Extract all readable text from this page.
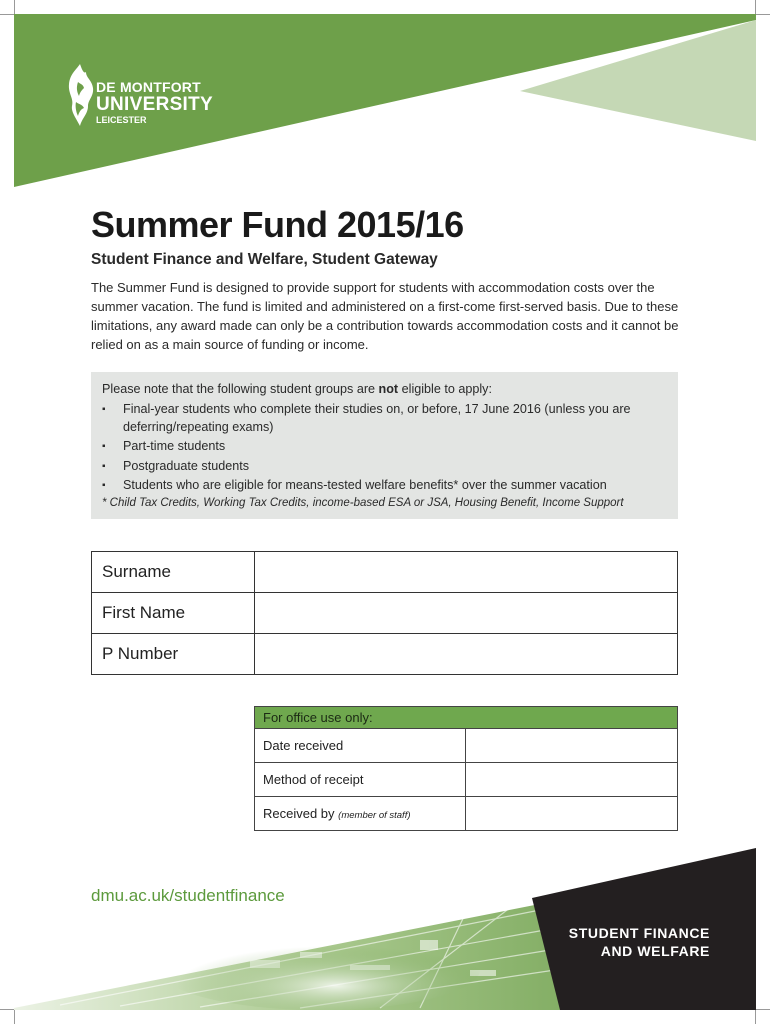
DE MONTFORT
UNIVERSITY
LEICESTER
Summer Fund 2015/16
Student Finance and Welfare, Student Gateway
The Summer Fund is designed to provide support for students with accommodation costs over the summer vacation. The fund is limited and administered on a first-come first-served basis. Due to these limitations, any award made can only be a contribution towards accommodation costs and it cannot be relied on as a main source of funding or income.

Please note that the following student groups are not eligible to apply:

▪ Final-year students who complete their studies on, or before, 17 June 2016 (unless you are deferring/repeating exams)
▪ Part-time students
▪ Postgraduate students
▪ Students who are eligible for means-tested welfare benefits* over the summer vacation
* Child Tax Credits, Working Tax Credits, income-based ESA or JSA, Housing Benefit, Income Support
Surname	
First Name	
P Number	
For office use only:	
Date received	
Method of receipt	
Received by (member of staff)	
dmu.ac.uk/studentfinance
STUDENT FINANCE
AND WELFARE
